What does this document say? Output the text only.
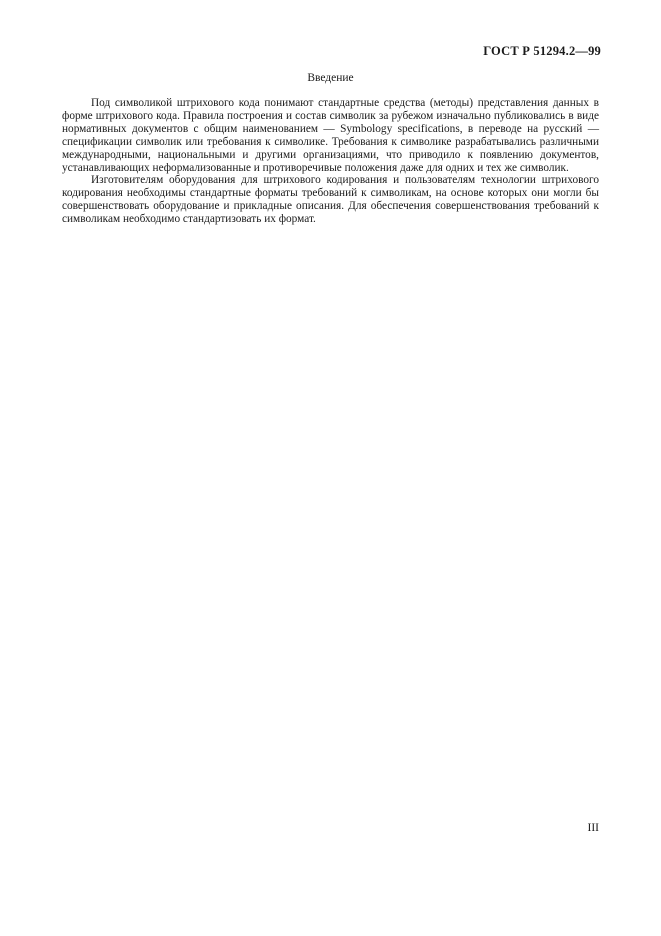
ГОСТ Р 51294.2—99
Введение

Под символикой штрихового кода понимают стандартные средства (методы) представления данных в форме штрихового кода. Правила построения и состав символик за рубежом изначально публиковались в виде нормативных документов с общим наименованием — Symbology specifications, в переводе на русский — спецификации символик или требования к символике. Требования к символике разрабатывались различными международными, национальными и другими организациями, что приводило к появлению документов, устанавливающих неформализованные и противоречивые положения даже для одних и тех же символик.

Изготовителям оборудования для штрихового кодирования и пользователям технологии штрихового кодирования необходимы стандартные форматы требований к символикам, на основе которых они могли бы совершенствовать оборудование и прикладные описания. Для обеспечения совершенствования требований к символикам необходимо стандартизовать их формат.

III
